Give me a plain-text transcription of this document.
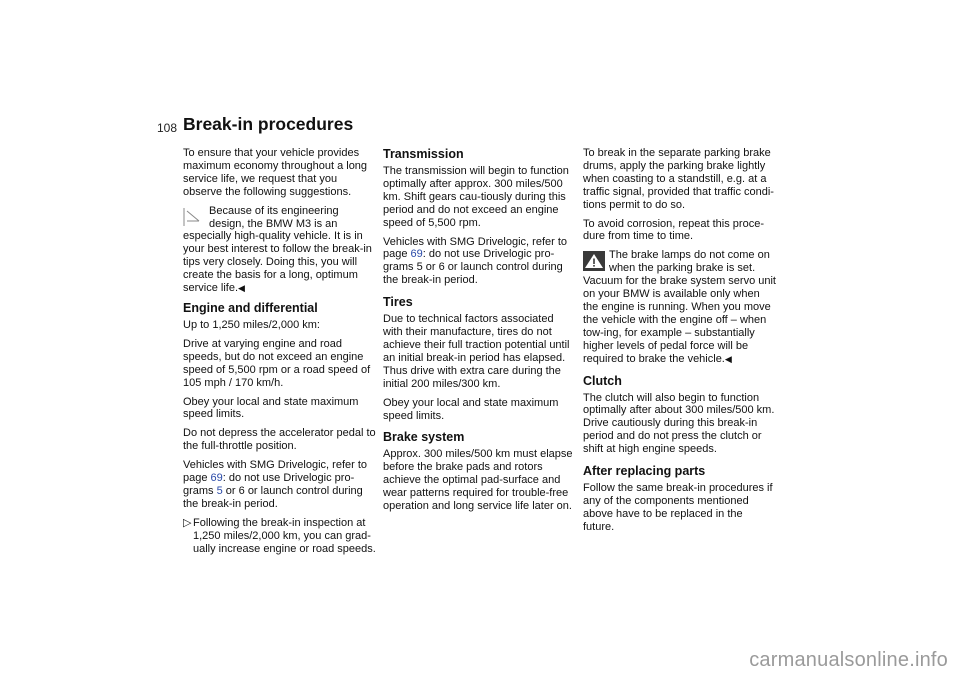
108 Break-in procedures

To ensure that your vehicle provides maximum economy throughout a long service life, we request that you observe the following suggestions.

Because of its engineering design, the BMW M3 is an especially high-quality vehicle. It is in your best interest to follow the break-in tips very closely. Doing this, you will create the basis for a long, optimum service life.◀
Engine and differential

Up to 1,250 miles/2,000 km:

Drive at varying engine and road speeds, but do not exceed an engine speed of 5,500 rpm or a road speed of 105 mph / 170 km/h.

Obey your local and state maximum speed limits.

Do not depress the accelerator pedal to the full-throttle position.

Vehicles with SMG Drivelogic, refer to page 69: do not use Drivelogic pro-grams 5 or 6 or launch control during the break-in period.

▷ Following the break-in inspection at 1,250 miles/2,000 km, you can grad-ually increase engine or road speeds.

Transmission

The transmission will begin to function optimally after approx. 300 miles/500 km. Shift gears cau-tiously during this period and do not exceed an engine speed of 5,500 rpm.

Vehicles with SMG Drivelogic, refer to page 69: do not use Drivelogic pro-grams 5 or 6 or launch control during the break-in period.

Tires

Due to technical factors associated with their manufacture, tires do not achieve their full traction potential until an initial break-in period has elapsed. Thus drive with extra care during the initial 200 miles/300 km.

Obey your local and state maximum speed limits.

Brake system

Approx. 300 miles/500 km must elapse before the brake pads and rotors achieve the optimal pad-surface and wear patterns required for trouble-free operation and long service life later on.

To break in the separate parking brake drums, apply the parking brake lightly when coasting to a standstill, e.g. at a traffic signal, provided that traffic condi-tions permit to do so.

To avoid corrosion, repeat this proce-dure from time to time.

The brake lamps do not come on when the parking brake is set. Vacuum for the brake system servo unit on your BMW is available only when the engine is running. When you move the vehicle with the engine off – when tow-ing, for example – substantially higher levels of pedal force will be required to brake the vehicle.◀
Clutch

The clutch will also begin to function optimally after about 300 miles/500 km. Drive cautiously during this break-in period and do not press the clutch or shift at high engine speeds.

After replacing parts

Follow the same break-in procedures if any of the components mentioned above have to be replaced in the future.

carmanualsonline.info
